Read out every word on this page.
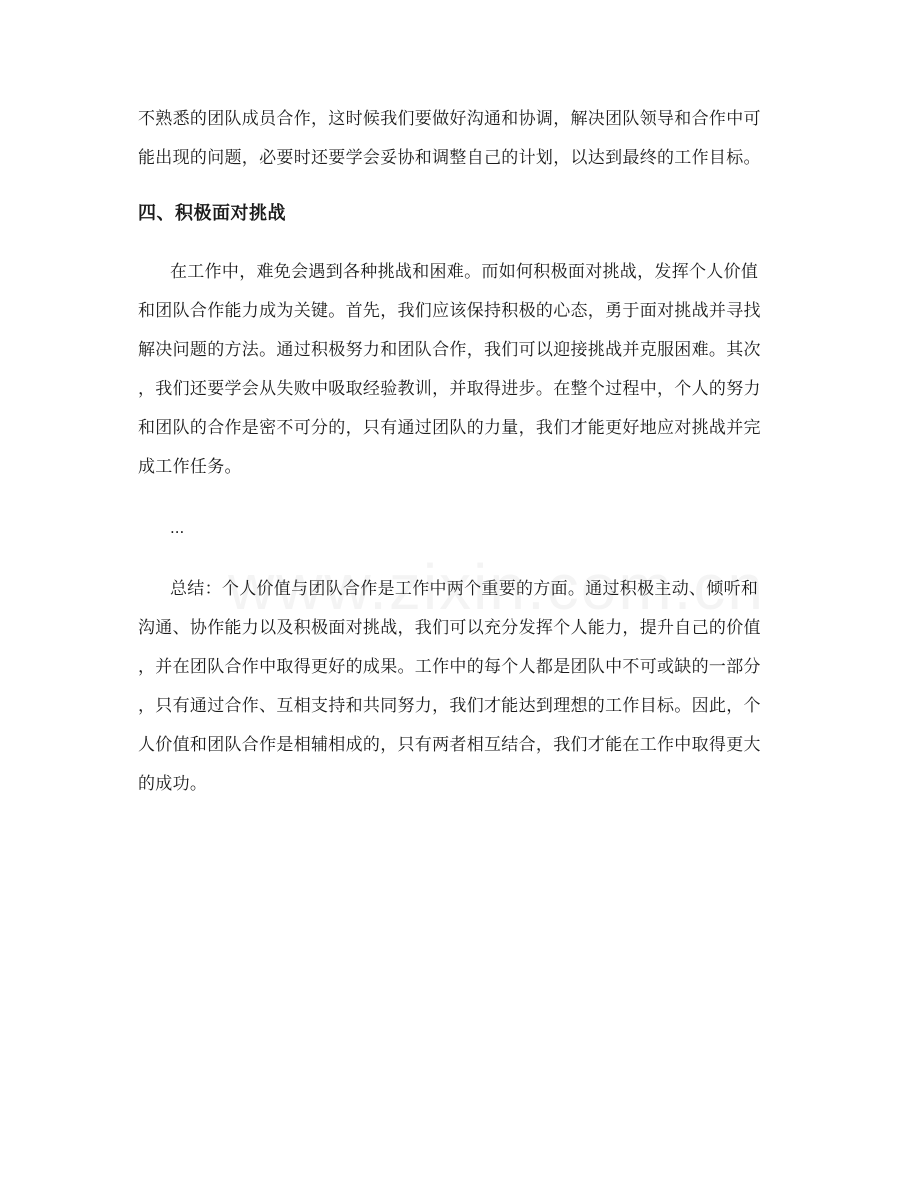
不熟悉的团队成员合作，这时候我们要做好沟通和协调，解决团队领导和合作中可

能出现的问题，必要时还要学会妥协和调整自己的计划，以达到最终的工作目标。

四、积极面对挑战

在工作中，难免会遇到各种挑战和困难。而如何积极面对挑战，发挥个人价值

和团队合作能力成为关键。首先，我们应该保持积极的心态，勇于面对挑战并寻找

解决问题的方法。通过积极努力和团队合作，我们可以迎接挑战并克服困难。其次

，我们还要学会从失败中吸取经验教训，并取得进步。在整个过程中，个人的努力

和团队的合作是密不可分的，只有通过团队的力量，我们才能更好地应对挑战并完

成工作任务。

...

总结：个人价值与团队合作是工作中两个重要的方面。通过积极主动、倾听和

沟通、协作能力以及积极面对挑战，我们可以充分发挥个人能力，提升自己的价值

，并在团队合作中取得更好的成果。工作中的每个人都是团队中不可或缺的一部分

，只有通过合作、互相支持和共同努力，我们才能达到理想的工作目标。因此，个

人价值和团队合作是相辅相成的，只有两者相互结合，我们才能在工作中取得更大

的成功。
